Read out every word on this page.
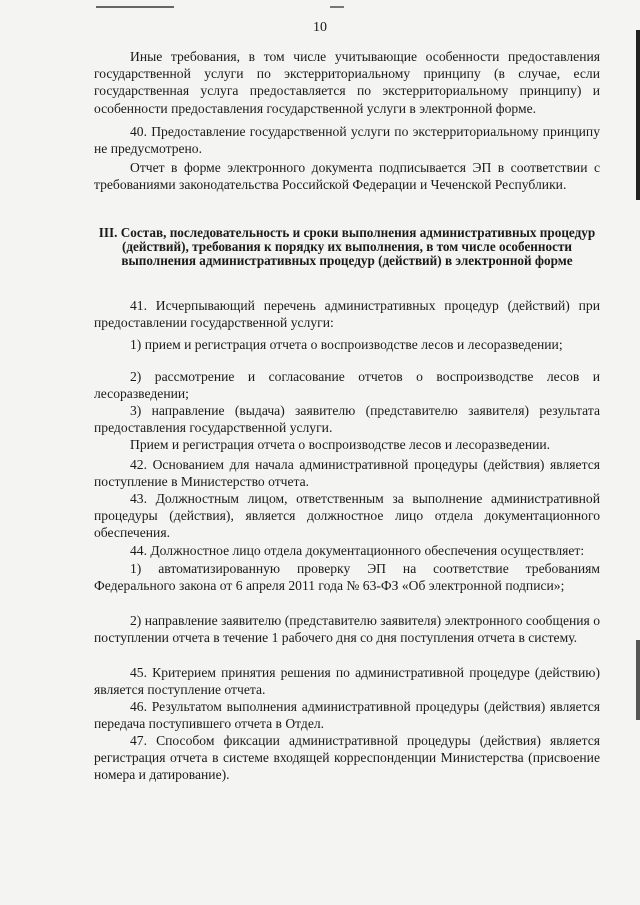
10
Иные требования, в том числе учитывающие особенности предоставления государственной услуги по экстерриториальному принципу (в случае, если государственная услуга предоставляется по экстерриториальному принципу) и особенности предоставления государственной услуги в электронной форме.
40. Предоставление государственной услуги по экстерриториальному принципу не предусмотрено.
Отчет в форме электронного документа подписывается ЭП в соответствии с требованиями законодательства Российской Федерации и Чеченской Республики.
III. Состав, последовательность и сроки выполнения административных процедур (действий), требования к порядку их выполнения, в том числе особенности выполнения административных процедур (действий) в электронной форме
41. Исчерпывающий перечень административных процедур (действий) при предоставлении государственной услуги:
1) прием и регистрация отчета о воспроизводстве лесов и лесоразведении;
2) рассмотрение и согласование отчетов о воспроизводстве лесов и лесоразведении;
3) направление (выдача) заявителю (представителю заявителя) результата предоставления государственной услуги.
Прием и регистрация отчета о воспроизводстве лесов и лесоразведении.
42. Основанием для начала административной процедуры (действия) является поступление в Министерство отчета.
43. Должностным лицом, ответственным за выполнение административной процедуры (действия), является должностное лицо отдела документационного обеспечения.
44. Должностное лицо отдела документационного обеспечения осуществляет:
1) автоматизированную проверку ЭП на соответствие требованиям Федерального закона от 6 апреля 2011 года № 63-ФЗ «Об электронной подписи»;
2) направление заявителю (представителю заявителя) электронного сообщения о поступлении отчета в течение 1 рабочего дня со дня поступления отчета в систему.
45. Критерием принятия решения по административной процедуре (действию) является поступление отчета.
46. Результатом выполнения административной процедуры (действия) является передача поступившего отчета в Отдел.
47. Способом фиксации административной процедуры (действия) является регистрация отчета в системе входящей корреспонденции Министерства (присвоение номера и датирование).
